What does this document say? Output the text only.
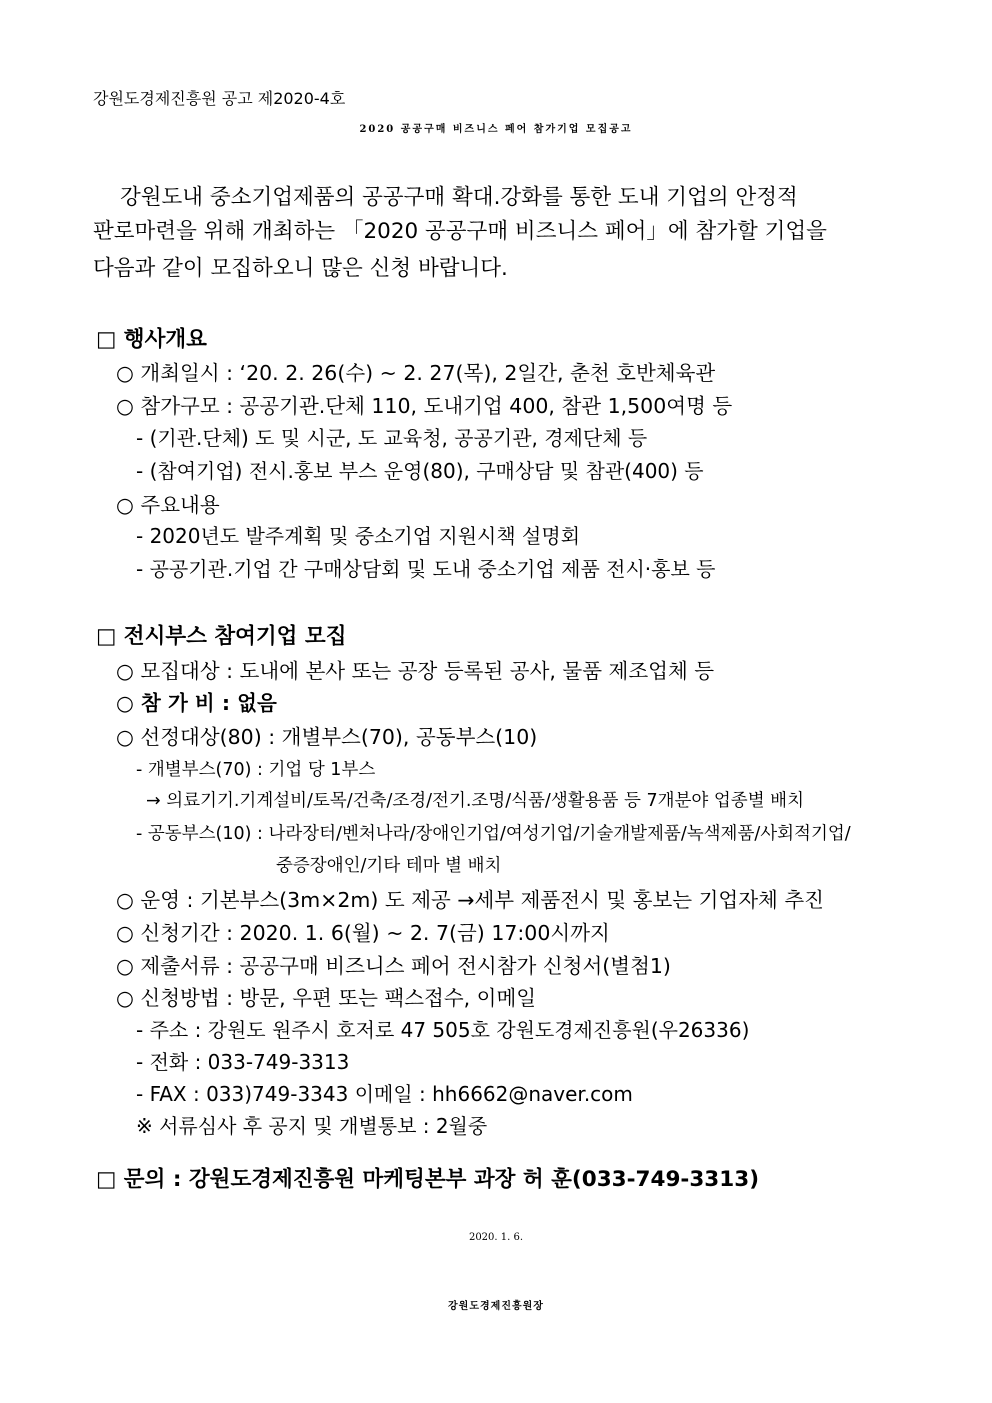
강원도경제진흥원 공고 제2020-4호
2020 공공구매 비즈니스 페어 참가기업 모집공고
강원도내 중소기업제품의 공공구매 확대.강화를 통한 도내 기업의 안정적
판로마련을 위해 개최하는 「2020 공공구매 비즈니스 페어」에 참가할 기업을
다음과 같이 모집하오니 많은 신청 바랍니다.
□ 행사개요
○ 개최일시 : ‘20. 2. 26(수) ~ 2. 27(목), 2일간, 춘천 호반체육관
○ 참가구모 : 공공기관.단체 110, 도내기업 400, 참관 1,500여명 등
- (기관.단체) 도 및 시군, 도 교육청, 공공기관, 경제단체 등
- (참여기업) 전시.홍보 부스 운영(80), 구매상담 및 참관(400) 등
○ 주요내용
- 2020년도 발주계획 및 중소기업 지원시책 설명회
- 공공기관.기업 간 구매상담회 및 도내 중소기업 제품 전시·홍보 등
□ 전시부스 참여기업 모집
○ 모집대상 : 도내에 본사 또는 공장 등록된 공사, 물품 제조업체 등
○ 참 가 비 : 없음
○ 선정대상(80) : 개별부스(70), 공동부스(10)
- 개별부스(70) : 기업 당 1부스
→ 의료기기.기계설비/토목/건축/조경/전기.조명/식품/생활용품 등 7개분야 업종별 배치
- 공동부스(10) : 나라장터/벤처나라/장애인기업/여성기업/기술개발제품/녹색제품/사회적기업/
중증장애인/기타 테마 별 배치
○ 운영 : 기본부스(3m×2m) 도 제공 →세부 제품전시 및 홍보는 기업자체 추진
○ 신청기간 : 2020. 1. 6(월) ~ 2. 7(금) 17:00시까지
○ 제출서류 : 공공구매 비즈니스 페어 전시참가 신청서(별첨1)
○ 신청방법 : 방문, 우편 또는 팩스접수, 이메일
- 주소 : 강원도 원주시 호저로 47 505호 강원도경제진흥원(우26336)
- 전화 : 033-749-3313
- FAX : 033)749-3343 이메일 : hh6662@naver.com
※ 서류심사 후 공지 및 개별통보 : 2월중
□ 문의 : 강원도경제진흥원 마케팅본부 과장 허 훈(033-749-3313)
2020. 1. 6.
강원도경제진흥원장
